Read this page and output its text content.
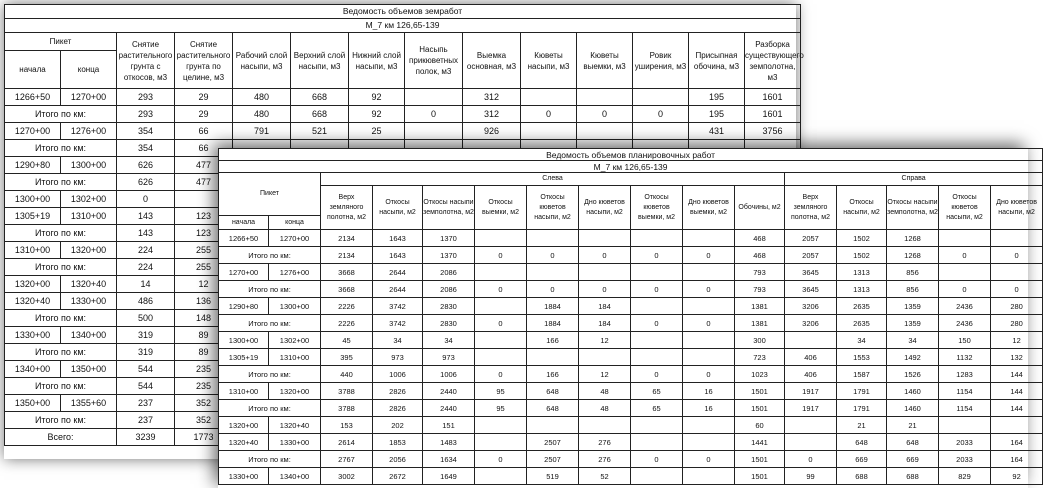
Ведомость объемов земработ													
М_7 км 126,65-139													
Пикет		Снятие растительного грунта с откосов, м3	Снятие растительного грунта по целине, м3	Рабочий слой насыпи, м3	Верхний слой насыпи, м3	Нижний слой насыпи, м3	Насыпь прикюветных полок, м3	Выемка основная, м3	Кюветы насыпи, м3	Кюветы выемки, м3	Ровик уширения, м3	Присыпная обочина, м3	Разборка существующего земполотна, м3
начала	конца												
1266+50	1270+00	293	29	480	668	92		312				195	1601
Итого по км:		293	29	480	668	92	0	312	0	0	0	195	1601
1270+00	1276+00	354	66	791	521	25		926				431	3756
Итого по км:		354	66										
1290+80	1300+00	626	477										
Итого по км:		626	477										
1300+00	1302+00	0											
1305+19	1310+00	143	123										
Итого по км:		143	123										
1310+00	1320+00	224	255										
Итого по км:		224	255										
1320+00	1320+40	14	12										
1320+40	1330+00	486	136										
Итого по км:		500	148										
1330+00	1340+00	319	89										
Итого по км:		319	89										
1340+00	1350+00	544	235										
Итого по км:		544	235										
1350+00	1355+60	237	352										
Итого по км:		237	352										
Всего:		3239	1773										
Ведомость объемов планировочных работ															
М_7 км 126,65-139															
Пикет		Слева									Справа				
		Верх земляного полотна, м2	Откосы насыпи, м2	Откосы насыпи земполотна, м2	Откосы выемки, м2	Откосы кюветов насыпи, м2	Дно кюветов насыпи, м2	Откосы кюветов выемки, м2	Дно кюветов выемки, м2	Обочины, м2	Верх земляного полотна, м2	Откосы насыпи, м2	Откосы насыпи земполотна, м2	Откосы кюветов насыпи, м2	Дно кюветов насыпи, м2
начала	конца														
1266+50	1270+00	2134	1643	1370						468	2057	1502	1268		
Итого по км:		2134	1643	1370	0	0	0	0	0	468	2057	1502	1268	0	0
1270+00	1276+00	3668	2644	2086						793	3645	1313	856		
Итого по км:		3668	2644	2086	0	0	0	0	0	793	3645	1313	856	0	0
1290+80	1300+00	2226	3742	2830		1884	184			1381	3206	2635	1359	2436	280
Итого по км:		2226	3742	2830	0	1884	184	0	0	1381	3206	2635	1359	2436	280
1300+00	1302+00	45	34	34		166	12			300		34	34	150	12
1305+19	1310+00	395	973	973						723	406	1553	1492	1132	132
Итого по км:		440	1006	1006	0	166	12	0	0	1023	406	1587	1526	1283	144
1310+00	1320+00	3788	2826	2440	95	648	48	65	16	1501	1917	1791	1460	1154	144
Итого по км:		3788	2826	2440	95	648	48	65	16	1501	1917	1791	1460	1154	144
1320+00	1320+40	153	202	151						60		21	21		
1320+40	1330+00	2614	1853	1483		2507	276			1441		648	648	2033	164
Итого по км:		2767	2056	1634	0	2507	276	0	0	1501	0	669	669	2033	164
1330+00	1340+00	3002	2672	1649		519	52			1501	99	688	688	829	92
